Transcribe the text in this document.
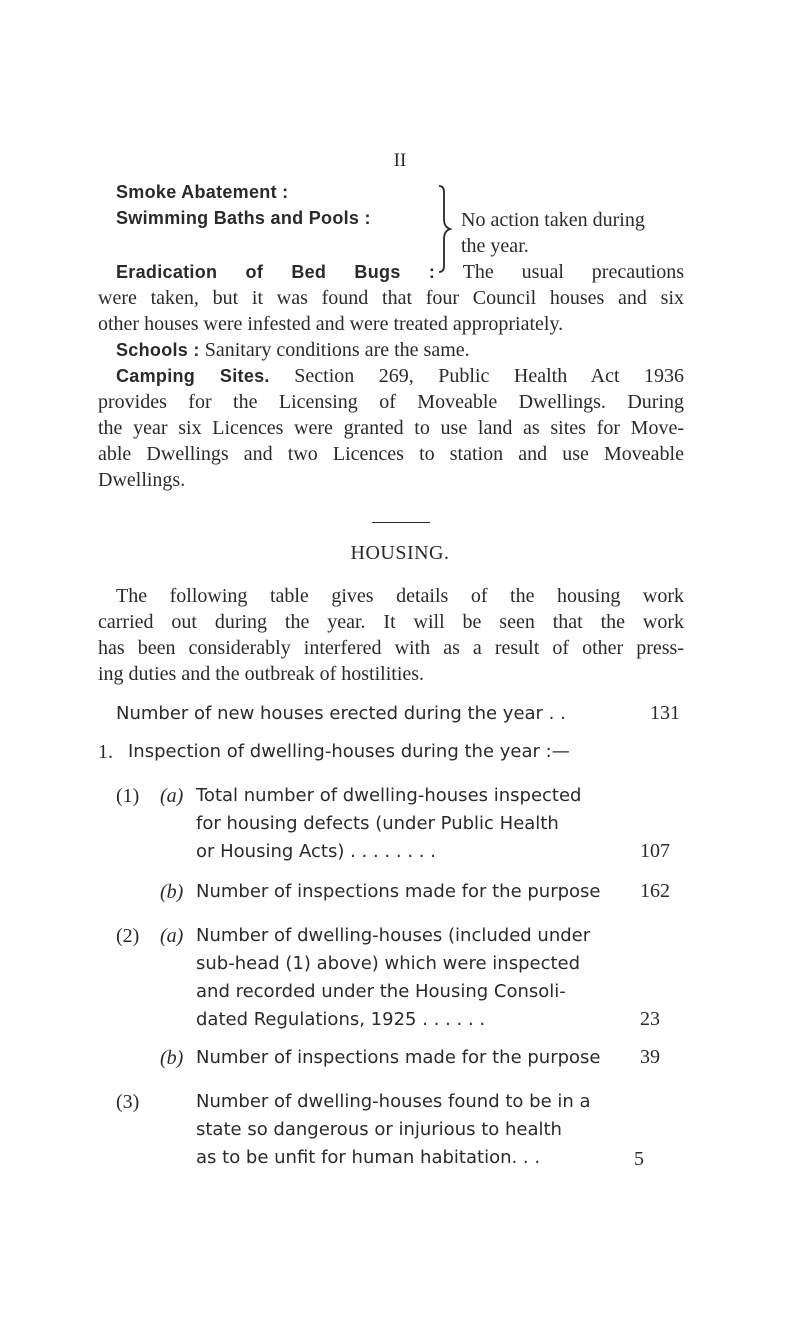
II
Smoke Abatement :
Swimming Baths and Pools :	No action taken during
the year.
Eradication of Bed Bugs : The usual precautions
were taken, but it was found that four Council houses and six
other houses were infested and were treated appropriately.
Schools : Sanitary conditions are the same.
Camping Sites. Section 269, Public Health Act 1936
provides for the Licensing of Moveable Dwellings. During
the year six Licences were granted to use land as sites for Move-
able Dwellings and two Licences to station and use Moveable
Dwellings.
HOUSING.
The following table gives details of the housing work
carried out during the year. It will be seen that the work
has been considerably interfered with as a result of other press-
ing duties and the outbreak of hostilities.
Number of new houses erected during the year . .	131
1. Inspection of dwelling-houses during the year :—
(1) (a) Total number of dwelling-houses inspected
for housing defects (under Public Health
or Housing Acts) . . . . . . . .	107
(b) Number of inspections made for the purpose	162
(2) (a) Number of dwelling-houses (included under
sub-head (1) above) which were inspected
and recorded under the Housing Consoli-
dated Regulations, 1925 . . . . . .	23
(b) Number of inspections made for the purpose	39
(3)	Number of dwelling-houses found to be in a
state so dangerous or injurious to health
as to be unfit for human habitation. . .	5
